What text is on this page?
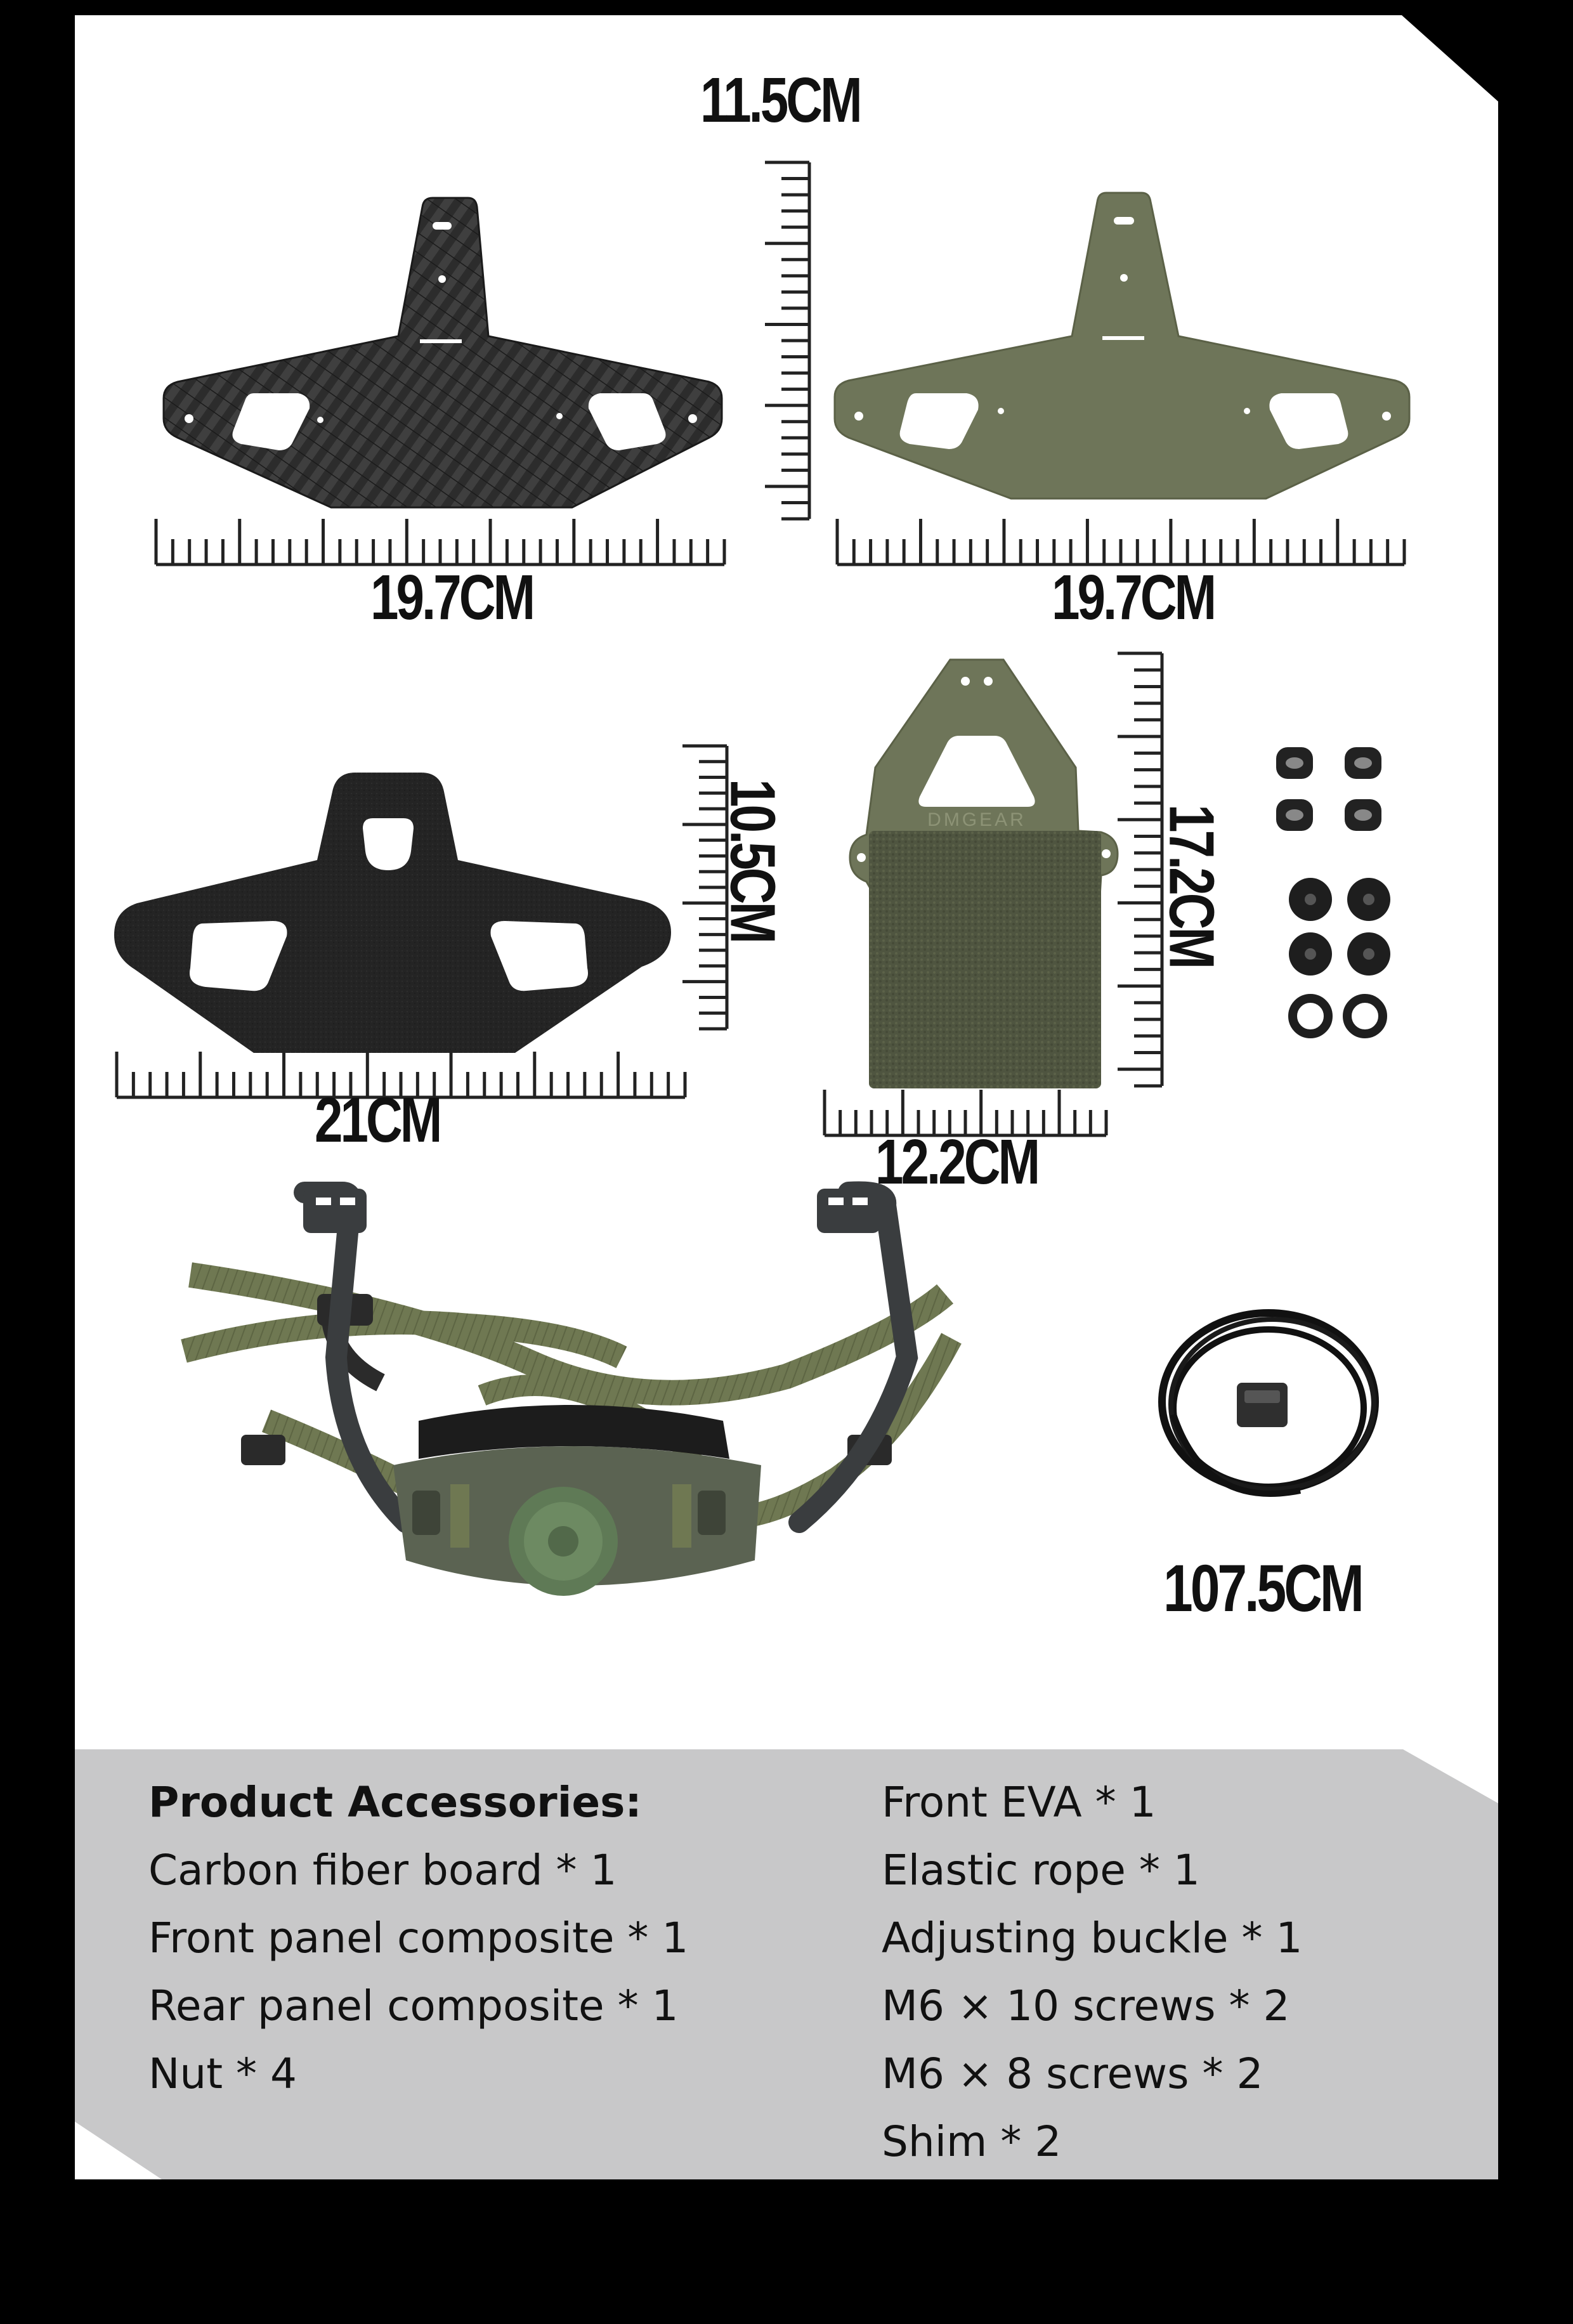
DMGEAR
11.5CM
19.7CM	19.7CM
10.5CM
21CM
17.2CM
12.2CM
107.5CM
Product Accessories:
Carbon fiber board * 1
Front panel composite * 1
Rear panel composite * 1
Nut * 4
Front EVA * 1
Elastic rope * 1
Adjusting buckle * 1
M6 × 10 screws * 2
M6 × 8 screws * 2
Shim * 2
